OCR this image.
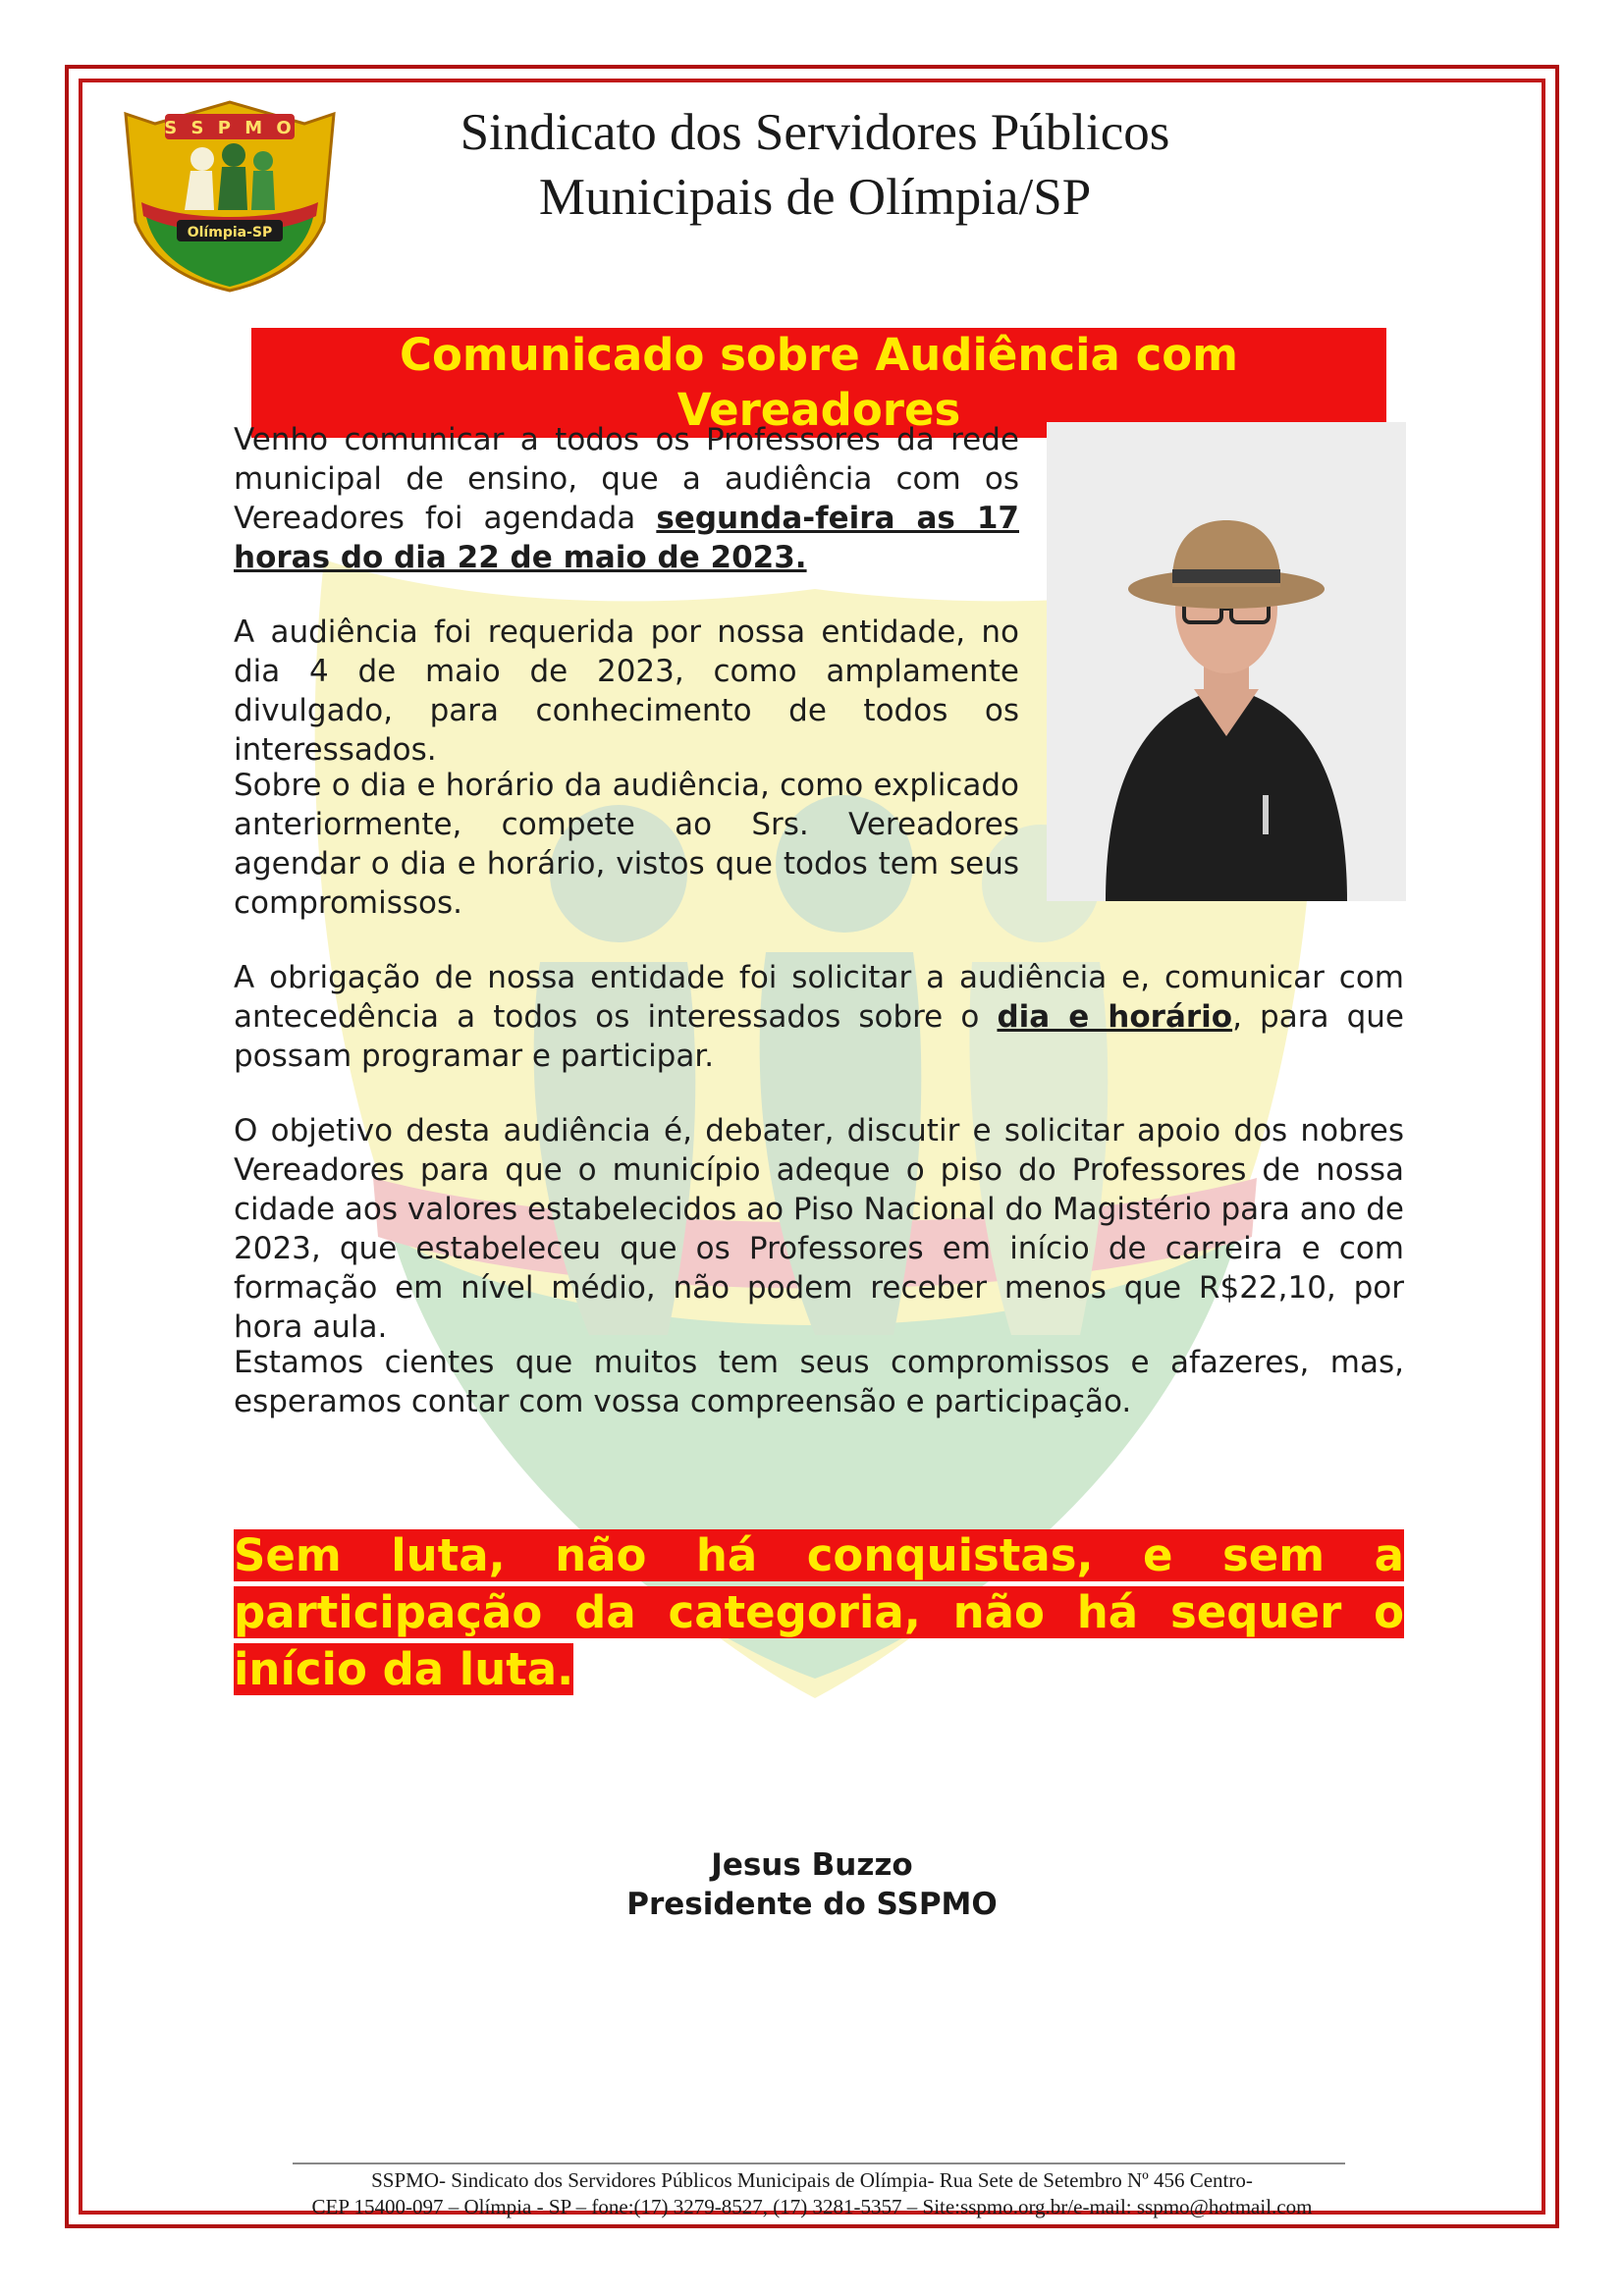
S S P M O
Olímpia-SP
Sindicato dos Servidores Públicos
Municipais de Olímpia/SP
Comunicado sobre Audiência com Vereadores
Venho comunicar a todos os Professores da rede municipal de ensino, que a audiência com os Vereadores foi agendada segunda-feira as 17 horas do dia 22 de maio de 2023.
A audiência foi requerida por nossa entidade, no dia 4 de maio de 2023, como amplamente divulgado, para conhecimento de todos os interessados.
Sobre o dia e horário da audiência, como explicado anteriormente, compete ao Srs. Vereadores agendar o dia e horário, vistos que todos tem seus compromissos.
A obrigação de nossa entidade foi solicitar a audiência e, comunicar com antecedência a todos os interessados sobre o dia e horário, para que possam programar e participar.
O objetivo desta audiência é, debater, discutir e solicitar apoio dos nobres Vereadores para que o município adeque o piso do Professores de nossa cidade aos valores estabelecidos ao Piso Nacional do Magistério para ano de 2023, que estabeleceu que os Professores em início de carreira e com formação em nível médio, não podem receber menos que R$22,10, por hora aula.
Estamos cientes que muitos tem seus compromissos e afazeres, mas, esperamos contar com vossa compreensão e participação.
Sem luta, não há conquistas, e sem a participação da categoria, não há sequer o início da luta.
Jesus Buzzo
Presidente do SSPMO
SSPMO- Sindicato dos Servidores Públicos Municipais de Olímpia- Rua Sete de Setembro Nº 456 Centro-
CEP 15400-097 – Olímpia - SP – fone:(17) 3279-8527, (17) 3281-5357 – Site:sspmo.org.br/e-mail: sspmo@hotmail.com
